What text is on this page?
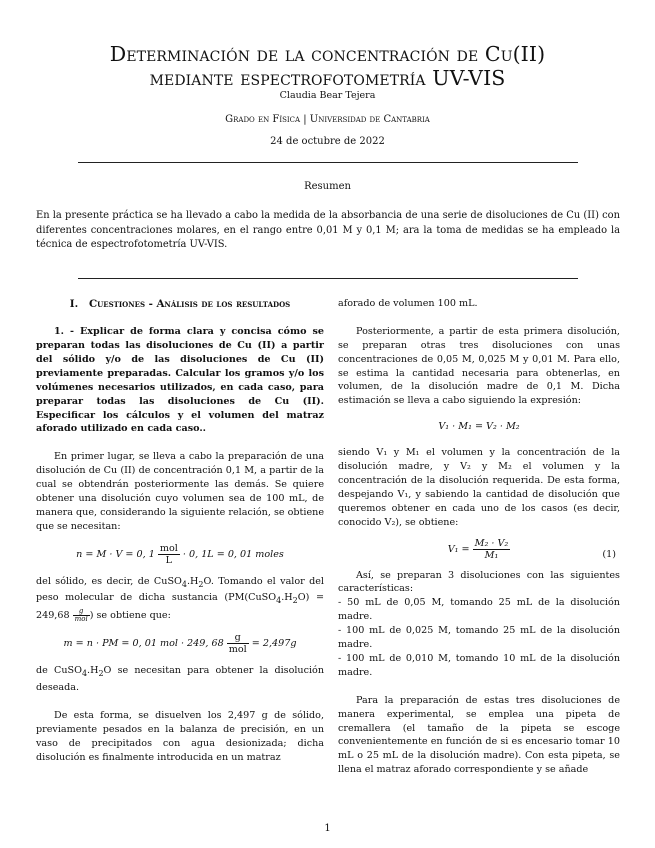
Determinación de la concentración de Cu(II)
mediante espectrofotometría UV-VIS
Claudia Bear Tejera
Grado en Física | Universidad de Cantabria
24 de octubre de 2022
Resumen
En la presente práctica se ha llevado a cabo la medida de la absorbancia de una serie de disoluciones de Cu (II) con diferentes concentraciones molares, en el rango entre 0,01 M y 0,1 M; ara la toma de medidas se ha empleado la técnica de espectrofotometría UV-VIS.
I. Cuestiones - Análisis de los resultados

1. - Explicar de forma clara y concisa cómo se preparan todas las disoluciones de Cu (II) a partir del sólido y/o de las disoluciones de Cu (II) previamente preparadas. Calcular los gramos y/o los volúmenes necesarios utilizados, en cada caso, para preparar todas las disoluciones de Cu (II). Especificar los cálculos y el volumen del matraz aforado utilizado en cada caso..

En primer lugar, se lleva a cabo la preparación de una disolución de Cu (II) de concentración 0,1 M, a partir de la cual se obtendrán posteriormente las demás. Se quiere obtener una disolución cuyo volumen sea de 100 mL, de manera que, considerando la siguiente relación, se obtiene que se necesitan:

n = M · V = 0, $1 \frac{\text{mol}}{L} \cdot 0$, 1L = 0, 01 moles

del sólido, es decir, de $CuSO_4.H_2O$. Tomando el valor del peso molecular de dicha sustancia ($PM(CuSO_4.H_2O) = 249,68 \frac{g}{\text{mol}}$ ) se obtiene que:

m = n · PM = 0, 01 mol · 249, $68 \frac{g}{\text{mol}} = 2,497g$

de $CuSO_4.H_2O$ se necesitan para obtener la disolución deseada.

De esta forma, se disuelven los 2,497 g de sólido, previamente pesados en la balanza de precisión, en un vaso de precipitados con agua desionizada; dicha disolución es finalmente introducida en un matraz

aforado de volumen 100 mL.

Posteriormente, a partir de esta primera disolución, se preparan otras tres disoluciones con unas concentraciones de 0,05 M, 0,025 M y 0,01 M. Para ello, se estima la cantidad necesaria para obtenerlas, en volumen, de la disolución madre de 0,1 M. Dicha estimación se lleva a cabo siguiendo la expresión:

V₁ · M₁ = V₂ · M₂

siendo V₁ y M₁ el volumen y la concentración de la disolución madre, y V₂ y M₂ el volumen y la concentración de la disolución requerida. De esta forma, despejando V₁, y sabiendo la cantidad de disolución que queremos obtener en cada uno de los casos (es decir, conocido V₂), se obtiene:

$V_1 = \frac{\text{M₂ · V₂}}{\text{M₁}}$	(1)

Así, se preparan 3 disoluciones con las siguientes características:

- 50 mL de 0,05 M, tomando 25 mL de la disolución madre.
- 100 mL de 0,025 M, tomando 25 mL de la disolución madre.
- 100 mL de 0,010 M, tomando 10 mL de la disolución madre.

Para la preparación de estas tres disoluciones de manera experimental, se emplea una pipeta de cremallera (el tamaño de la pipeta se escoge convenientemente en función de si es encesario tomar 10 mL o 25 mL de la disolución madre). Con esta pipeta, se llena el matraz aforado correspondiente y se añade

1
